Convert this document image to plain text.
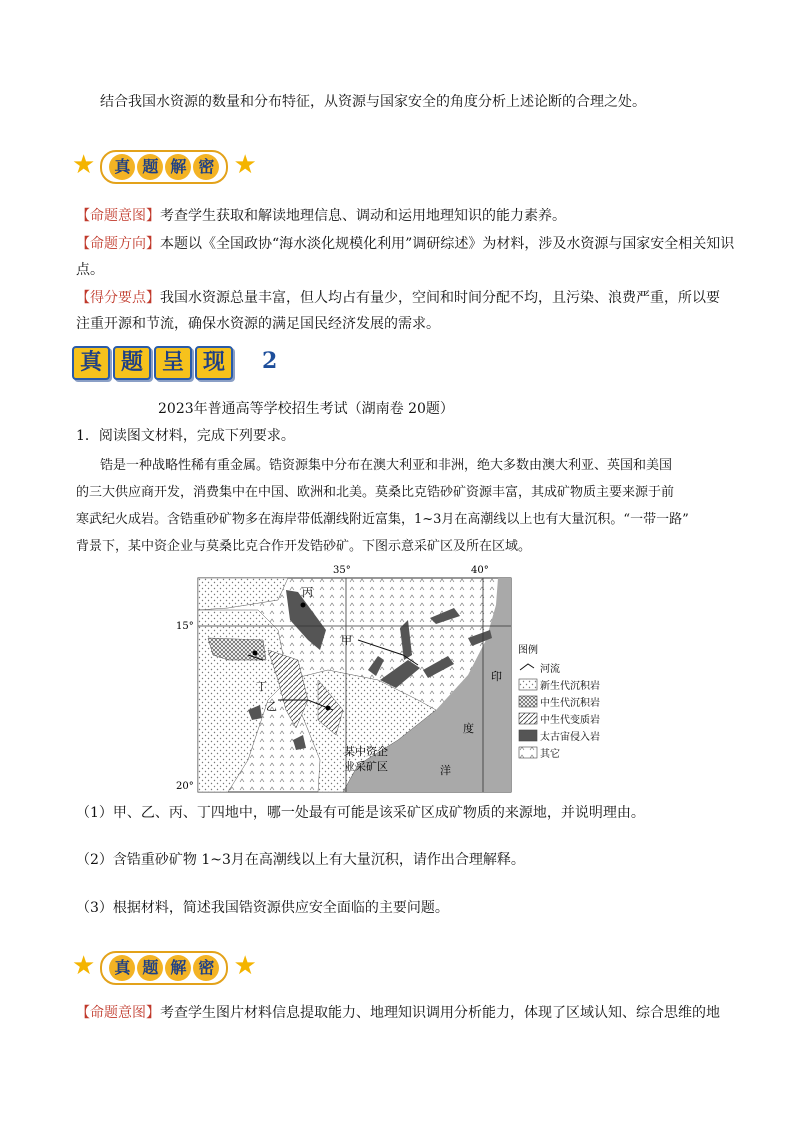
结合我国水资源的数量和分布特征，从资源与国家安全的角度分析上述论断的合理之处。
★ 真 题 解 密 ★
【命题意图】考查学生获取和解读地理信息、调动和运用地理知识的能力素养。
【命题方向】本题以《全国政协“海水淡化规模化利用”调研综述》为材料，涉及水资源与国家安全相关知识
点。
【得分要点】我国水资源总量丰富，但人均占有量少，空间和时间分配不均，且污染、浪费严重，所以要
注重开源和节流，确保水资源的满足国民经济发展的需求。
真 题 呈 现 2
2023年普通高等学校招生考试（湖南卷 20题）
1．阅读图文材料，完成下列要求。
锆是一种战略性稀有重金属。锆资源集中分布在澳大利亚和非洲，绝大多数由澳大利亚、英国和美国
的三大供应商开发，消费集中在中国、欧洲和北美。莫桑比克锆砂矿资源丰富，其成矿物质主要来源于前
寒武纪火成岩。含锆重砂矿物多在海岸带低潮线附近富集，1~3月在高潮线以上也有大量沉积。“一带一路”
背景下，某中资企业与莫桑比克合作开发锆砂矿。下图示意采矿区及所在区域。
35°	40°
15°
20°
丙
甲
丁
乙
某中资企
业采矿区
印
度
洋
图例
河流
新生代沉积岩
中生代沉积岩
中生代变质岩
太古宙侵入岩
其它
（1）甲、乙、丙、丁四地中，哪一处最有可能是该采矿区成矿物质的来源地，并说明理由。
（2）含锆重砂矿物 1~3月在高潮线以上有大量沉积，请作出合理解释。
（3）根据材料，简述我国锆资源供应安全面临的主要问题。
★ 真 题 解 密 ★
【命题意图】考查学生图片材料信息提取能力、地理知识调用分析能力，体现了区域认知、综合思维的地
